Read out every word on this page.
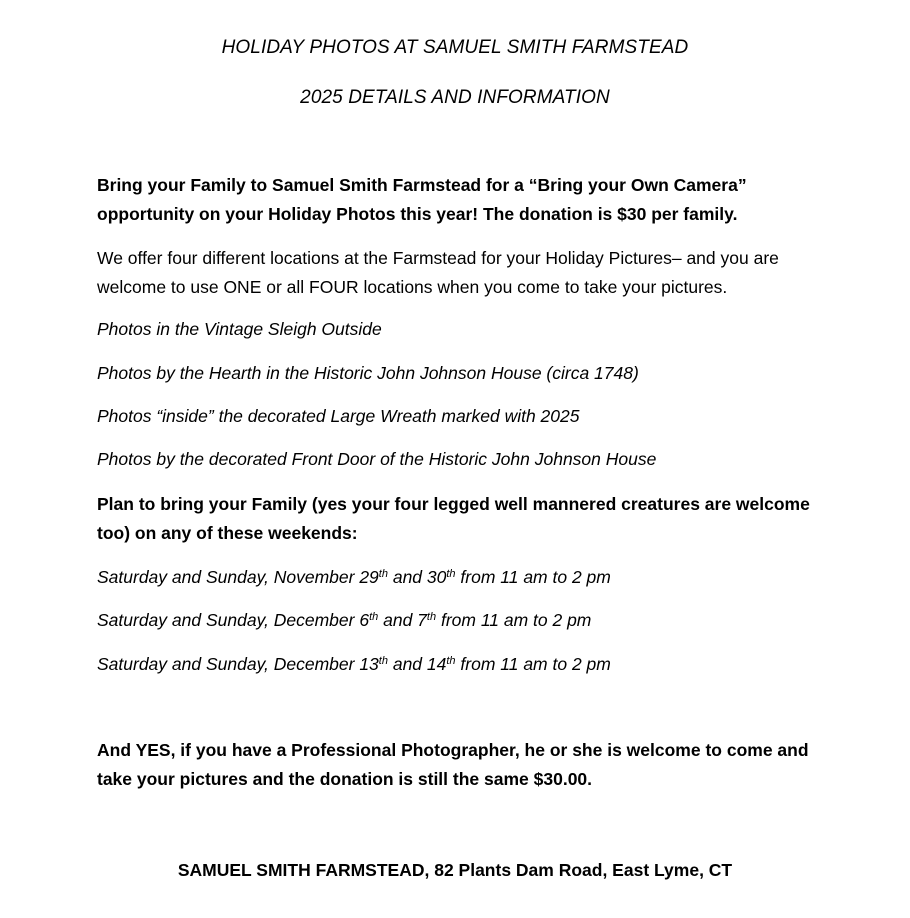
HOLIDAY PHOTOS AT SAMUEL SMITH FARMSTEAD
2025 DETAILS AND INFORMATION

Bring your Family to Samuel Smith Farmstead for a “Bring your Own Camera” opportunity on your Holiday Photos this year! The donation is $30 per family.

We offer four different locations at the Farmstead for your Holiday Pictures– and you are welcome to use ONE or all FOUR locations when you come to take your pictures.

Photos in the Vintage Sleigh Outside

Photos by the Hearth in the Historic John Johnson House (circa 1748)

Photos “inside” the decorated Large Wreath marked with 2025

Photos by the decorated Front Door of the Historic John Johnson House

Plan to bring your Family (yes your four legged well mannered creatures are welcome too) on any of these weekends:

Saturday and Sunday, November 29th and 30th from 11 am to 2 pm

Saturday and Sunday, December 6th and 7th from 11 am to 2 pm

Saturday and Sunday, December 13th and 14th from 11 am to 2 pm

And YES, if you have a Professional Photographer, he or she is welcome to come and take your pictures and the donation is still the same $30.00.

SAMUEL SMITH FARMSTEAD, 82 Plants Dam Road, East Lyme, CT
